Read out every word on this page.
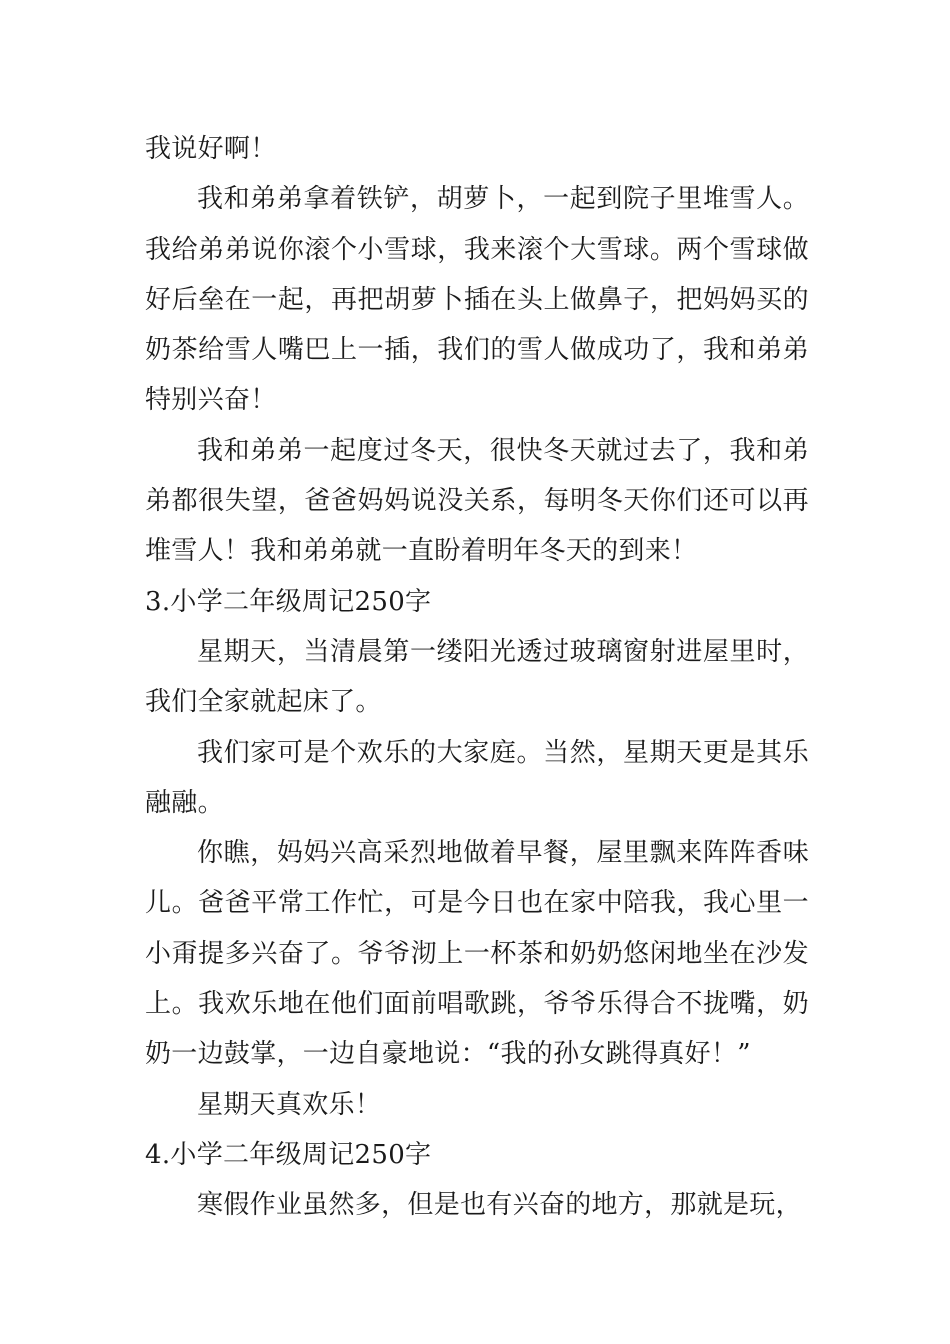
我说好啊！

我和弟弟拿着铁铲，胡萝卜，一起到院子里堆雪人。我给弟弟说你滚个小雪球，我来滚个大雪球。两个雪球做好后垒在一起，再把胡萝卜插在头上做鼻子，把妈妈买的奶茶给雪人嘴巴上一插，我们的雪人做成功了，我和弟弟特别兴奋！

我和弟弟一起度过冬天，很快冬天就过去了，我和弟弟都很失望，爸爸妈妈说没关系，每明冬天你们还可以再堆雪人！我和弟弟就一直盼着明年冬天的到来！

3.小学二年级周记250字

星期天，当清晨第一缕阳光透过玻璃窗射进屋里时，我们全家就起床了。

我们家可是个欢乐的大家庭。当然，星期天更是其乐融融。

你瞧，妈妈兴高采烈地做着早餐，屋里飘来阵阵香味儿。爸爸平常工作忙，可是今日也在家中陪我，我心里一小甭提多兴奋了。爷爷沏上一杯茶和奶奶悠闲地坐在沙发上。我欢乐地在他们面前唱歌跳，爷爷乐得合不拢嘴，奶奶一边鼓掌，一边自豪地说：“我的孙女跳得真好！”

星期天真欢乐！

4.小学二年级周记250字

寒假作业虽然多，但是也有兴奋的地方，那就是玩，
